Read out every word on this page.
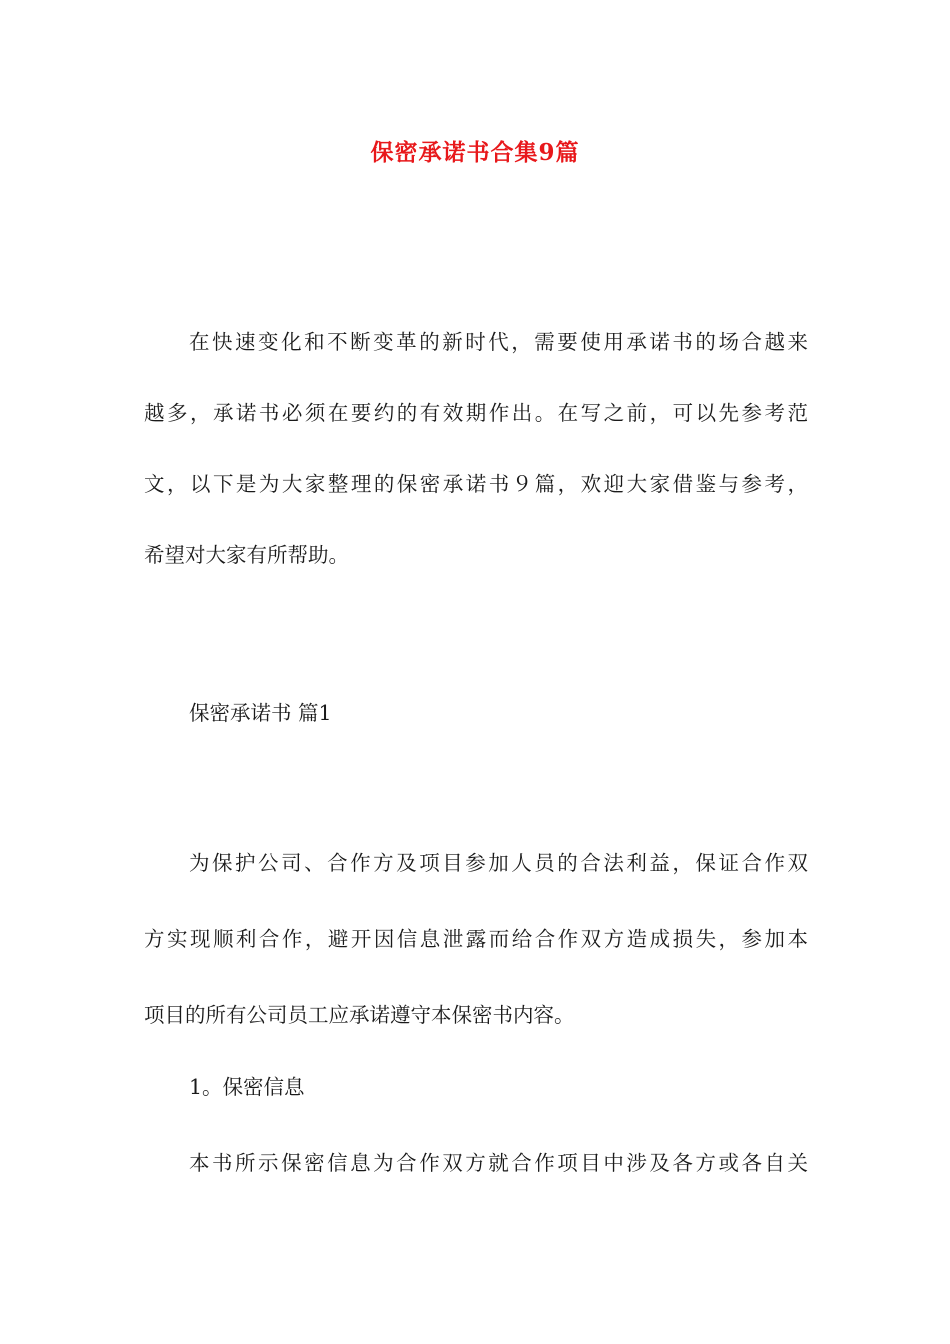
保密承诺书合集9篇
在快速变化和不断变革的新时代，需要使用承诺书的场合越来
越多，承诺书必须在要约的有效期作出。在写之前，可以先参考范
文，以下是为大家整理的保密承诺书９篇，欢迎大家借鉴与参考，
希望对大家有所帮助。
保密承诺书 篇1
为保护公司、合作方及项目参加人员的合法利益，保证合作双
方实现顺利合作，避开因信息泄露而给合作双方造成损失，参加本
项目的所有公司员工应承诺遵守本保密书内容。
1。保密信息
本书所示保密信息为合作双方就合作项目中涉及各方或各自关
